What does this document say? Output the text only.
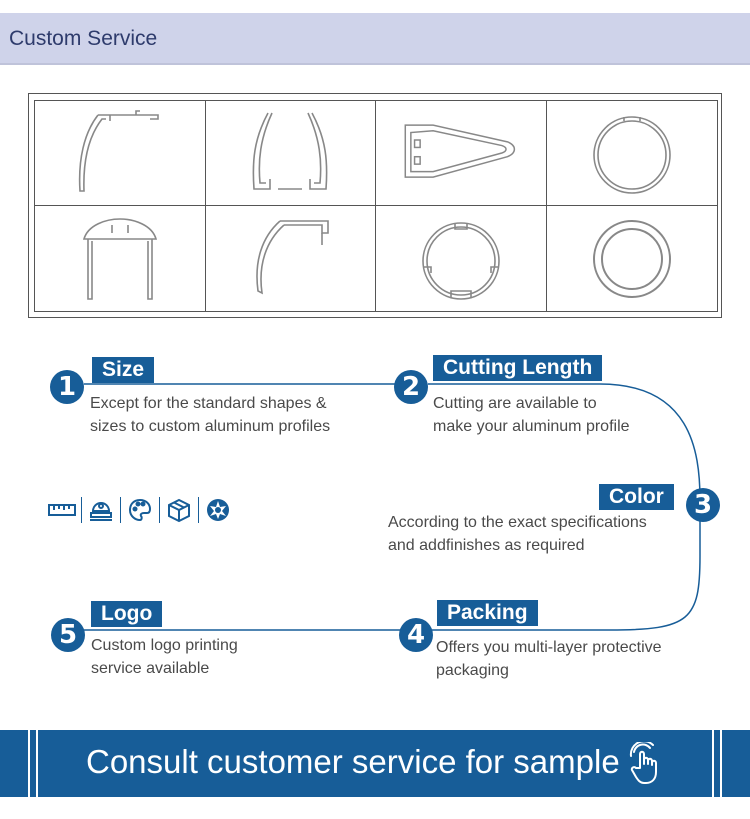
Custom Service
1
Size
Except for the standard shapes &
sizes to custom aluminum profiles
2
Cutting Length
Cutting are available to
make your aluminum profile
3
Color
According to the exact specifications
and addfinishes as required
4
Packing
Offers you multi-layer protective
packaging
5
Logo
Custom logo printing
service available
Consult customer service for sample
